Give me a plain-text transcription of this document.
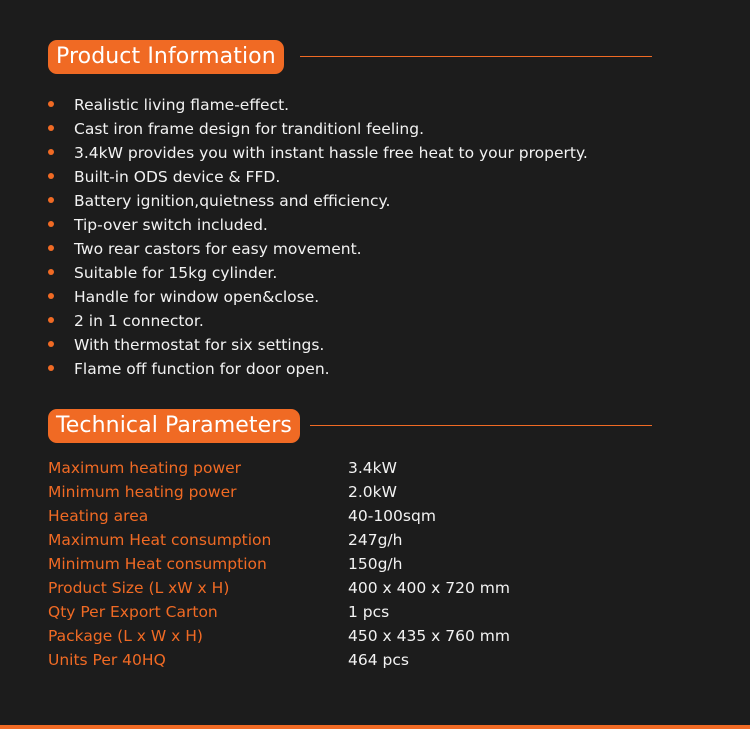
Product Information
Realistic living flame-effect.
Cast iron frame design for tranditionl feeling.
3.4kW provides you with instant hassle free heat to your property.
Built-in ODS device & FFD.
Battery ignition,quietness and efficiency.
Tip-over switch included.
Two rear castors for easy movement.
Suitable for 15kg cylinder.
Handle for window open&close.
2 in 1 connector.
With thermostat for six settings.
Flame off function for door open.
Technical Parameters
Maximum heating power	3.4kW
Minimum heating power	2.0kW
Heating area	40-100sqm
Maximum Heat consumption	247g/h
Minimum Heat consumption	150g/h
Product Size (L xW x H)	400 x 400 x 720 mm
Qty Per Export Carton	1 pcs
Package (L x W x H)	450 x 435 x 760 mm
Units Per 40HQ	464 pcs
